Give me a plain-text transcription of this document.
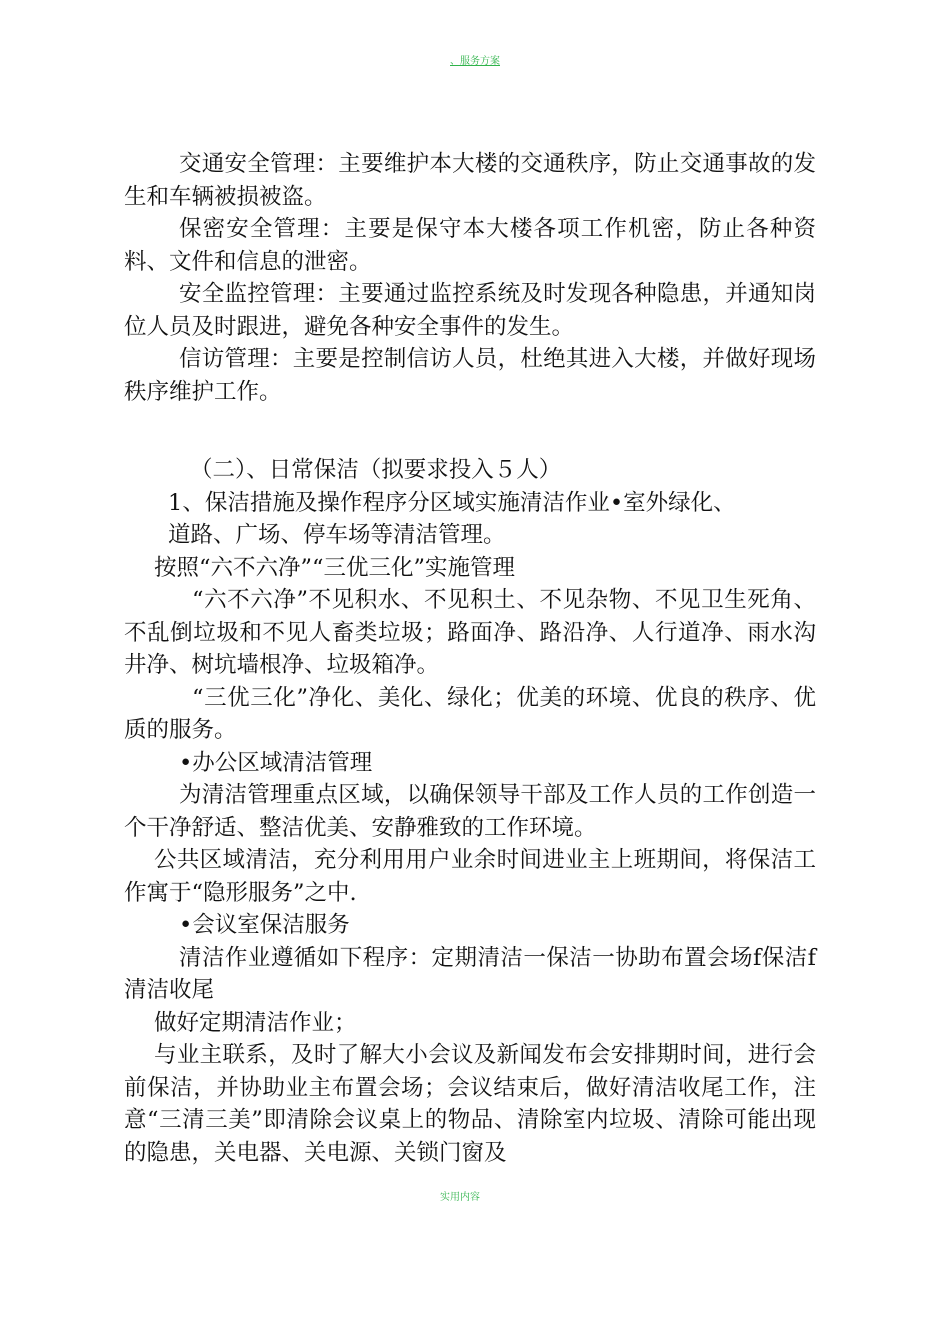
、服务方案

交通安全管理：主要维护本大楼的交通秩序，防止交通事故的发生和车辆被损被盗。

保密安全管理：主要是保守本大楼各项工作机密，防止各种资料、文件和信息的泄密。

安全监控管理：主要通过监控系统及时发现各种隐患，并通知岗位人员及时跟进，避免各种安全事件的发生。

信访管理：主要是控制信访人员，杜绝其进入大楼，并做好现场秩序维护工作。

（二）、日常保洁（拟要求投入５人）

1、保洁措施及操作程序分区域实施清洁作业•室外绿化、

道路、广场、停车场等清洁管理。

按照“六不六净”“三优三化”实施管理

“六不六净”不见积水、不见积土、不见杂物、不见卫生死角、不乱倒垃圾和不见人畜类垃圾；路面净、路沿净、人行道净、雨水沟井净、树坑墙根净、垃圾箱净。

“三优三化”净化、美化、绿化；优美的环境、优良的秩序、优质的服务。

•办公区域清洁管理

为清洁管理重点区域，以确保领导干部及工作人员的工作创造一个干净舒适、整洁优美、安静雅致的工作环境。

公共区域清洁，充分利用用户业余时间进业主上班期间，将保洁工作寓于“隐形服务”之中.

•会议室保洁服务

清洁作业遵循如下程序：定期清洁一保洁一协助布置会场f保洁f清洁收尾

做好定期清洁作业；

与业主联系，及时了解大小会议及新闻发布会安排期时间，进行会前保洁，并协助业主布置会场；会议结束后，做好清洁收尾工作，注意“三清三美”即清除会议桌上的物品、清除室内垃圾、清除可能出现的隐患，关电器、关电源、关锁门窗及

实用内容
